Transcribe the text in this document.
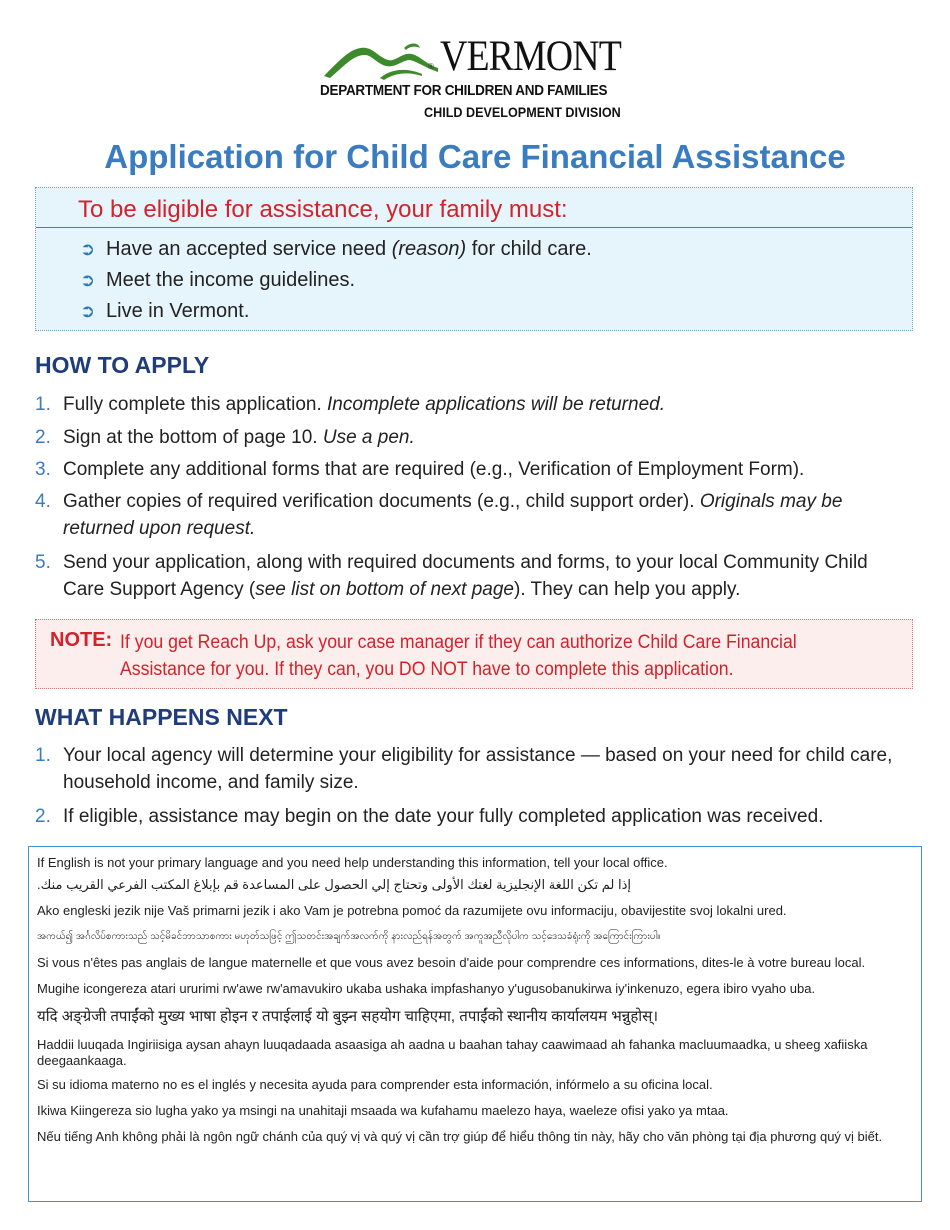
® VERMONT
DEPARTMENT FOR CHILDREN AND FAMILIES
CHILD DEVELOPMENT DIVISION
Application for Child Care Financial Assistance
To be eligible for assistance, your family must:
➲ Have an accepted service need (reason) for child care.
➲ Meet the income guidelines.
➲ Live in Vermont.
HOW TO APPLY
1. Fully complete this application. Incomplete applications will be returned.
2. Sign at the bottom of page 10. Use a pen.
3. Complete any additional forms that are required (e.g., Verification of Employment Form).
4. Gather copies of required verification documents (e.g., child support order). Originals may be returned upon request.
5. Send your application, along with required documents and forms, to your local Community Child Care Support Agency (see list on bottom of next page). They can help you apply.
NOTE: If you get Reach Up, ask your case manager if they can authorize Child Care Financial Assistance for you. If they can, you DO NOT have to complete this application.
WHAT HAPPENS NEXT
1. Your local agency will determine your eligibility for assistance — based on your need for child care, household income, and family size.
2. If eligible, assistance may begin on the date your fully completed application was received.

If English is not your primary language and you need help understanding this information, tell your local office.

إذا لم تكن اللغة الإنجليزية لغتك الأولى وتحتاج إلي الحصول على المساعدة قم بإبلاغ المكتب الفرعي القريب منك.

Ako engleski jezik nije Vaš primarni jezik i ako Vam je potrebna pomoć da razumijete ovu informaciju, obavijestite svoj lokalni ured.

အကယ်၍ အင်္ဂလိပ်စကားသည် သင့်မိခင်ဘာသာစကား မဟုတ်သဖြင့် ဤသတင်းအချက်အလက်ကို နားလည်ရန်အတွက် အကူအညီလိုပါက သင့်ဒေသခံရုံးကို အကြောင်းကြားပါ။

Si vous n'êtes pas anglais de langue maternelle et que vous avez besoin d'aide pour comprendre ces informations, dites-le à votre bureau local.

Mugihe icongereza atari ururimi rw'awe rw'amavukiro ukaba ushaka impfashanyo y'ugusobanukirwa iy'inkenuzo, egera ibiro vyaho uba.

यदि अङ्ग्रेजी तपाईंको मुख्य भाषा होइन र तपाईलाई यो बुझ्न सहयोग चाहिएमा, तपाईंको स्थानीय कार्यालयम भन्नुहोस्।

Haddii luuqada Ingiriisiga aysan ahayn luuqadaada asaasiga ah aadna u baahan tahay caawimaad ah fahanka macluumaadka, u sheeg xafiiska deegaankaaga.

Si su idioma materno no es el inglés y necesita ayuda para comprender esta información, infórmelo a su oficina local.

Ikiwa Kiingereza sio lugha yako ya msingi na unahitaji msaada wa kufahamu maelezo haya, waeleze ofisi yako ya mtaa.

Nếu tiếng Anh không phải là ngôn ngữ chánh của quý vị và quý vị cần trợ giúp để hiểu thông tin này, hãy cho văn phòng tại địa phương quý vị biết.
